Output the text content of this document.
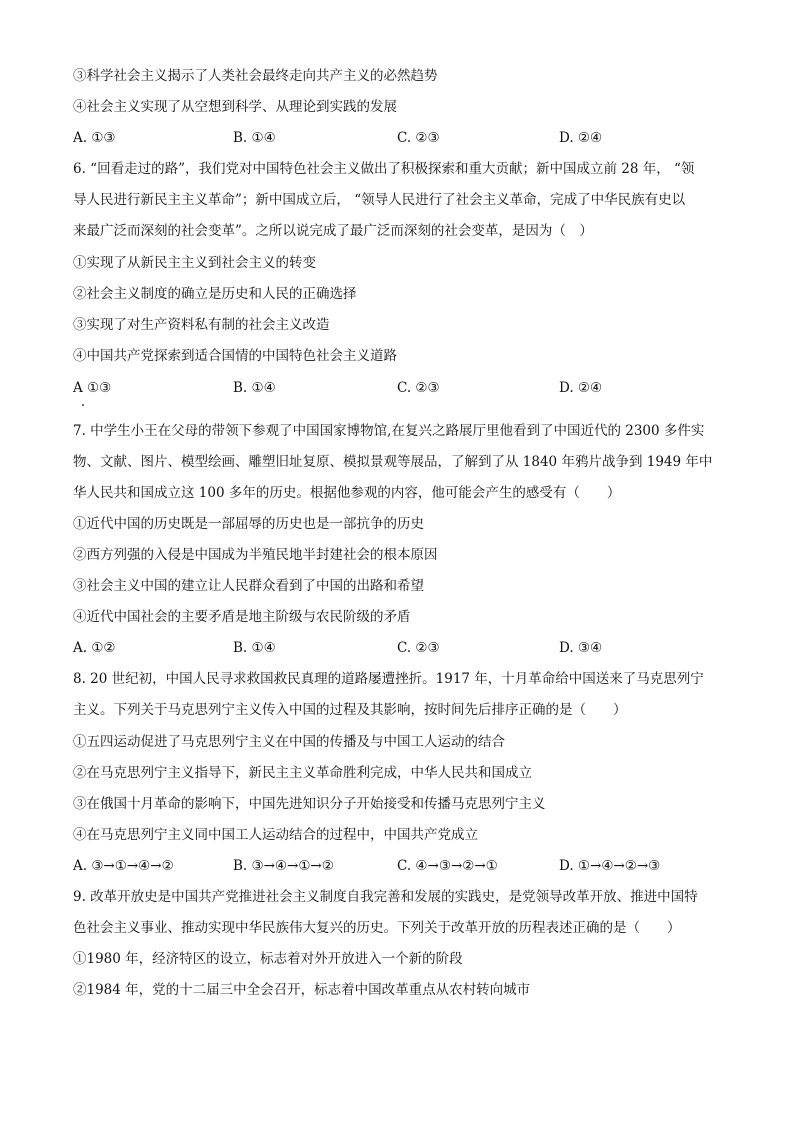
③科学社会主义揭示了人类社会最终走向共产主义的必然趋势
④社会主义实现了从空想到科学、从理论到实践的发展
A. ①③	B. ①④	C. ②③	D. ②④
6. “回看走过的路”，我们党对中国特色社会主义做出了积极探索和重大贡献；新中国成立前 28 年， “领
导人民进行新民主主义革命”；新中国成立后， “领导人民进行了社会主义革命，完成了中华民族有史以
来最广泛而深刻的社会变革”。之所以说完成了最广泛而深刻的社会变革，是因为（　）
①实现了从新民主主义到社会主义的转变
②社会主义制度的确立是历史和人民的正确选择
③实现了对生产资料私有制的社会主义改造
④中国共产党探索到适合国情的中国特色社会主义道路
A ①③	B. ①④	C. ②③	D. ②④
7. 中学生小王在父母的带领下参观了中国国家博物馆,在复兴之路展厅里他看到了中国近代的 2300 多件实
物、文献、图片、模型绘画、雕塑旧址复原、模拟景观等展品，了解到了从 1840 年鸦片战争到 1949 年中
华人民共和国成立这 100 多年的历史。根据他参观的内容，他可能会产生的感受有（　　）
①近代中国的历史既是一部屈辱的历史也是一部抗争的历史
②西方列强的入侵是中国成为半殖民地半封建社会的根本原因
③社会主义中国的建立让人民群众看到了中国的出路和希望
④近代中国社会的主要矛盾是地主阶级与农民阶级的矛盾
A. ①②	B. ①④	C. ②③	D. ③④
8. 20 世纪初，中国人民寻求救国救民真理的道路屡遭挫折。1917 年，十月革命给中国送来了马克思列宁
主义。下列关于马克思列宁主义传入中国的过程及其影响，按时间先后排序正确的是（　　）
①五四运动促进了马克思列宁主义在中国的传播及与中国工人运动的结合
②在马克思列宁主义指导下，新民主主义革命胜利完成，中华人民共和国成立
③在俄国十月革命的影响下，中国先进知识分子开始接受和传播马克思列宁主义
④在马克思列宁主义同中国工人运动结合的过程中，中国共产党成立
A. ③→①→④→②	B. ③→④→①→②	C. ④→③→②→①	D. ①→④→②→③
9. 改革开放史是中国共产党推进社会主义制度自我完善和发展的实践史，是党领导改革开放、推进中国特
色社会主义事业、推动实现中华民族伟大复兴的历史。下列关于改革开放的历程表述正确的是（　　）
①1980 年，经济特区的设立，标志着对外开放进入一个新的阶段
②1984 年，党的十二届三中全会召开，标志着中国改革重点从农村转向城市
